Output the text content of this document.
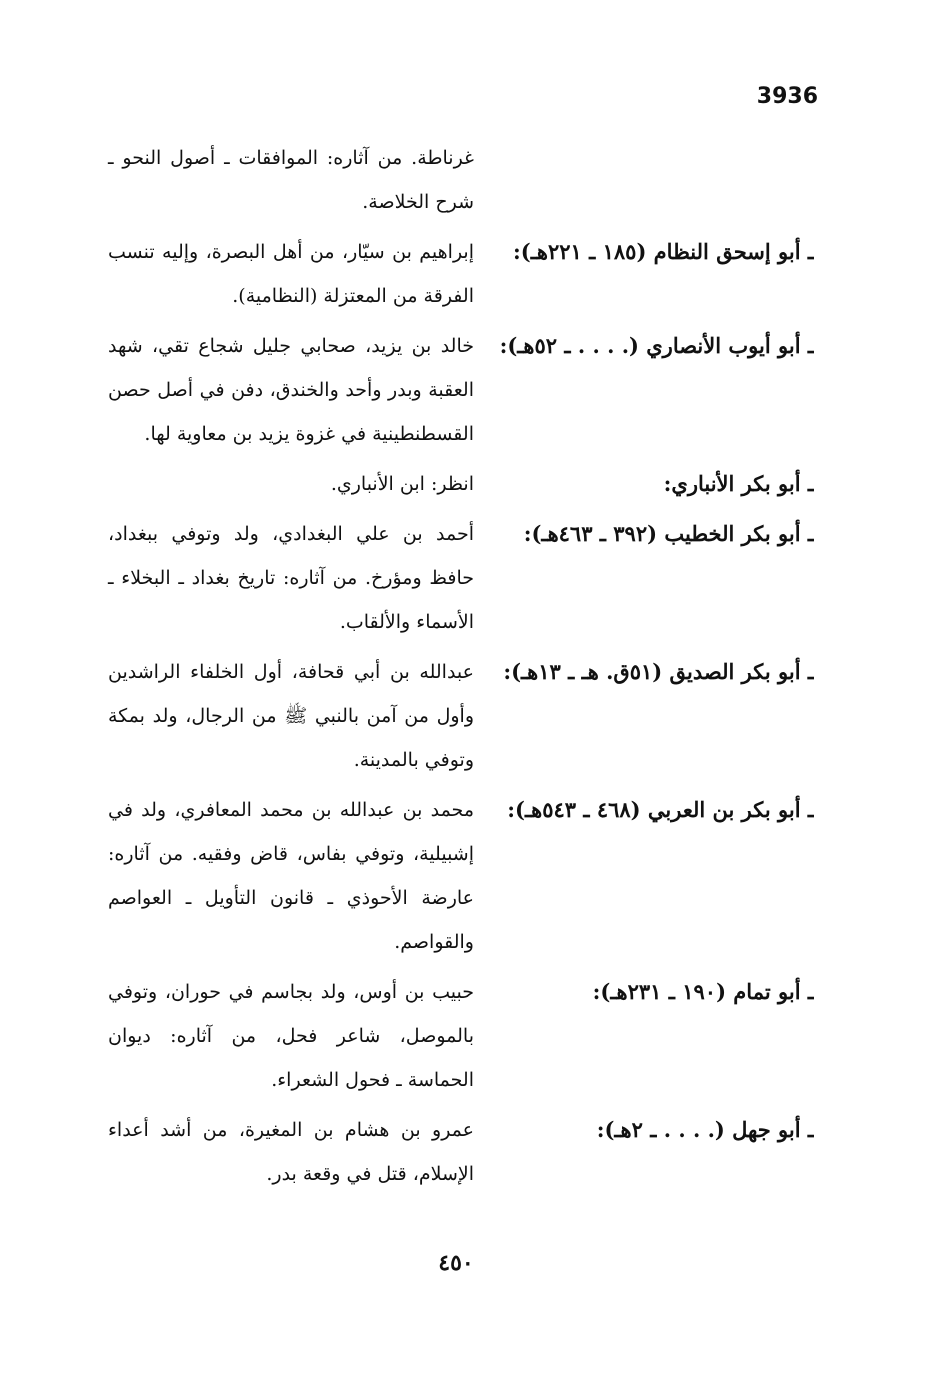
3936
غرناطة. من آثاره: الموافقات ـ أصول النحو ـ شرح الخلاصة.
ـ أبو إسحق النظام (١٨٥ ـ ٢٢١هـ):
إبراهيم بن سيّار، من أهل البصرة، وإليه تنسب الفرقة من المعتزلة (النظامية).
ـ أبو أيوب الأنصاري (. . . . ـ ٥٢هـ):
خالد بن يزيد، صحابي جليل شجاع تقي، شهد العقبة وبدر وأحد والخندق، دفن في أصل حصن القسطنطينية في غزوة يزيد بن معاوية لها.
ـ أبو بكر الأنباري:
انظر: ابن الأنباري.
ـ أبو بكر الخطيب (٣٩٢ ـ ٤٦٣هـ):
أحمد بن علي البغدادي، ولد وتوفي ببغداد، حافظ ومؤرخ. من آثاره: تاريخ بغداد ـ البخلاء ـ الأسماء والألقاب.
ـ أبو بكر الصديق (٥١ق. هـ ـ ١٣هـ):
عبدالله بن أبي قحافة، أول الخلفاء الراشدين وأول من آمن بالنبي ﷺ من الرجال، ولد بمكة وتوفي بالمدينة.
ـ أبو بكر بن العربي (٤٦٨ ـ ٥٤٣هـ):
محمد بن عبدالله بن محمد المعافري، ولد في إشبيلية، وتوفي بفاس، قاض وفقيه. من آثاره: عارضة الأحوذي ـ قانون التأويل ـ العواصم والقواصم.
ـ أبو تمام (١٩٠ ـ ٢٣١هـ):
حبيب بن أوس، ولد بجاسم في حوران، وتوفي بالموصل، شاعر فحل، من آثاره: ديوان الحماسة ـ فحول الشعراء.
ـ أبو جهل (. . . . ـ ٢هـ):
عمرو بن هشام بن المغيرة، من أشد أعداء الإسلام، قتل في وقعة بدر.
٤٥٠
